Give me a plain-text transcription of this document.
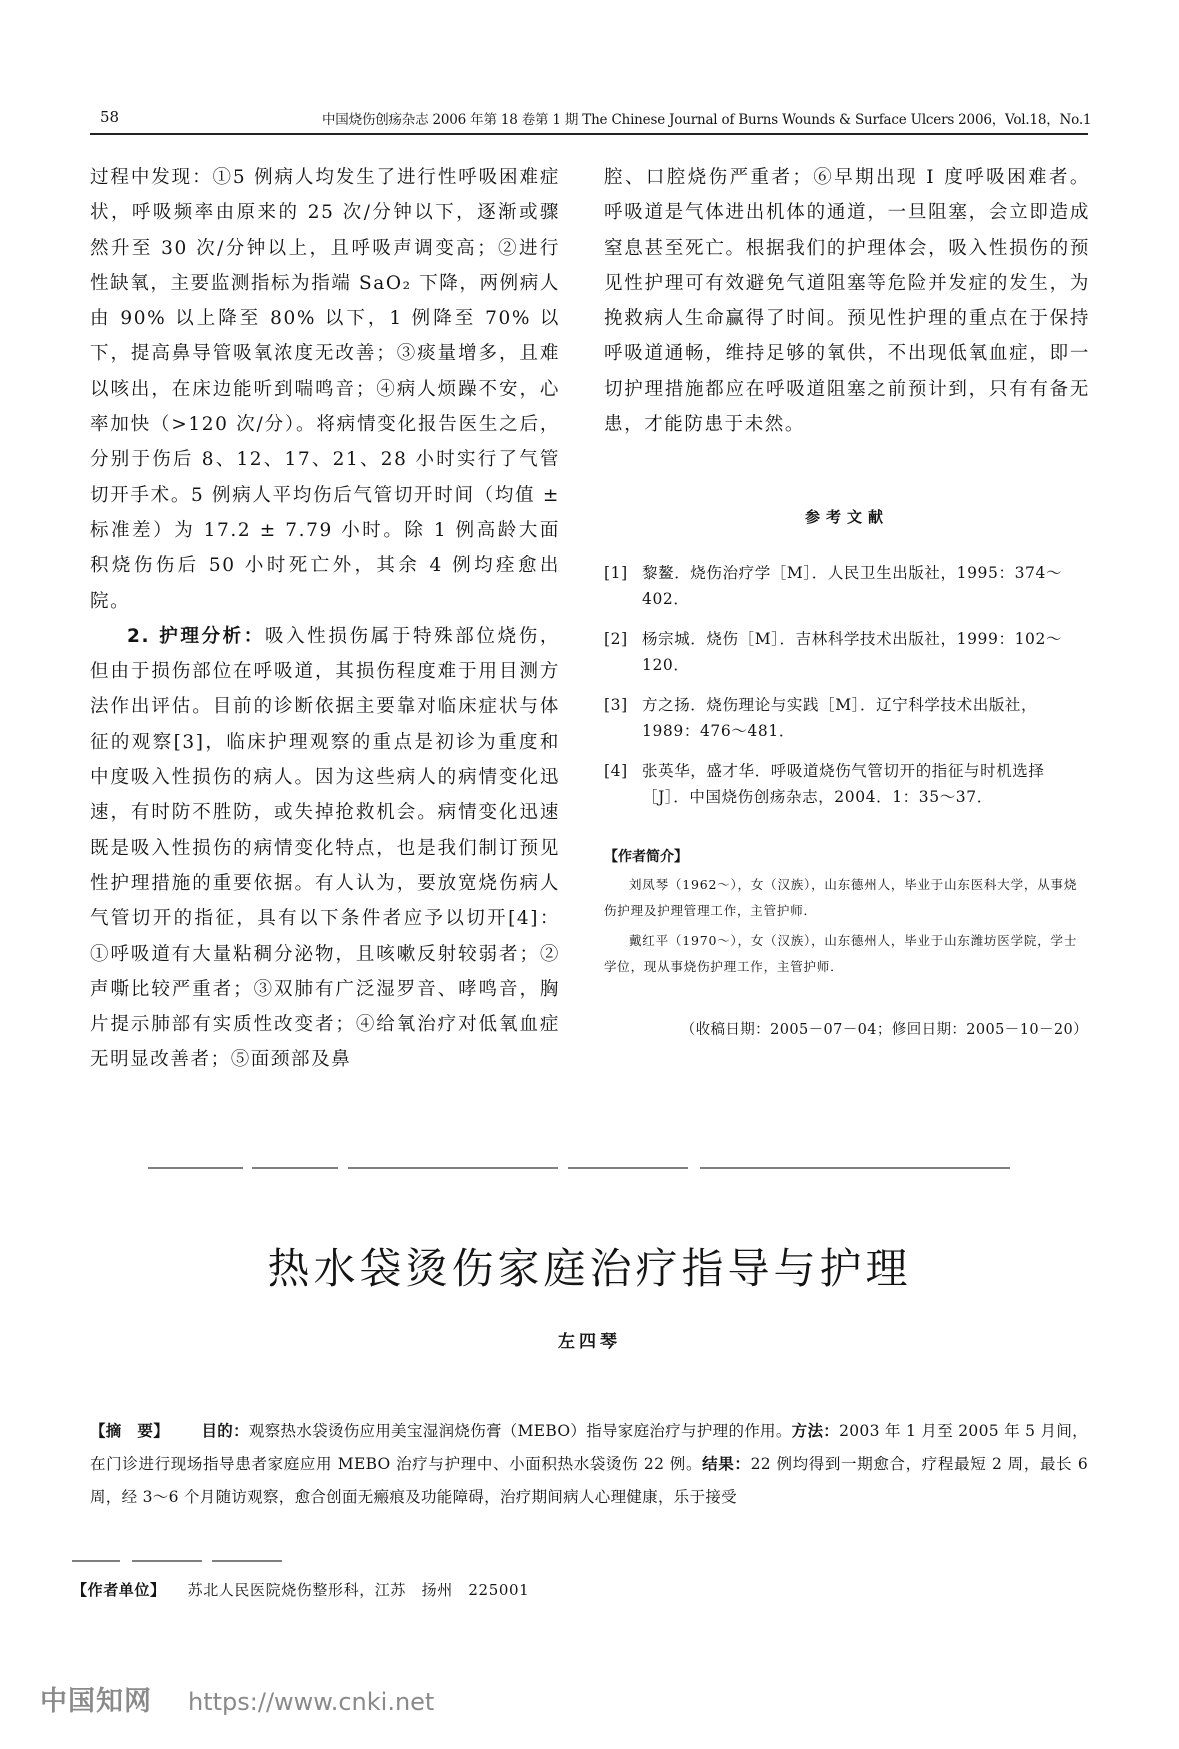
58	中国烧伤创疡杂志 2006 年第 18 卷第 1 期 The Chinese Journal of Burns Wounds & Surface Ulcers 2006，Vol.18，No.1

过程中发现：①5 例病人均发生了进行性呼吸困难症状，呼吸频率由原来的 25 次/分钟以下，逐渐或骤然升至 30 次/分钟以上，且呼吸声调变高；②进行性缺氧，主要监测指标为指端 SaO₂ 下降，两例病人由 90% 以上降至 80% 以下，1 例降至 70% 以下，提高鼻导管吸氧浓度无改善；③痰量增多，且难以咳出，在床边能听到喘鸣音；④病人烦躁不安，心率加快（>120 次/分）。将病情变化报告医生之后，分别于伤后 8、12、17、21、28 小时实行了气管切开手术。5 例病人平均伤后气管切开时间（均值 ± 标准差）为 17.2 ± 7.79 小时。除 1 例高龄大面积烧伤伤后 50 小时死亡外，其余 4 例均痊愈出院。

2. 护理分析：吸入性损伤属于特殊部位烧伤，但由于损伤部位在呼吸道，其损伤程度难于用目测方法作出评估。目前的诊断依据主要靠对临床症状与体征的观察[3]，临床护理观察的重点是初诊为重度和中度吸入性损伤的病人。因为这些病人的病情变化迅速，有时防不胜防，或失掉抢救机会。病情变化迅速既是吸入性损伤的病情变化特点，也是我们制订预见性护理措施的重要依据。有人认为，要放宽烧伤病人气管切开的指征，具有以下条件者应予以切开[4]：①呼吸道有大量粘稠分泌物，且咳嗽反射较弱者；②声嘶比较严重者；③双肺有广泛湿罗音、哮鸣音，胸片提示肺部有实质性改变者；④给氧治疗对低氧血症无明显改善者；⑤面颈部及鼻

腔、口腔烧伤严重者；⑥早期出现 Ⅰ 度呼吸困难者。呼吸道是气体进出机体的通道，一旦阻塞，会立即造成窒息甚至死亡。根据我们的护理体会，吸入性损伤的预见性护理可有效避免气道阻塞等危险并发症的发生，为挽救病人生命赢得了时间。预见性护理的重点在于保持呼吸道通畅，维持足够的氧供，不出现低氧血症，即一切护理措施都应在呼吸道阻塞之前预计到，只有有备无患，才能防患于未然。

参考文献
[1] 黎鳌．烧伤治疗学［M］．人民卫生出版社，1995：374～402．
[2] 杨宗城．烧伤［M］．吉林科学技术出版社，1999：102～120．
[3] 方之扬．烧伤理论与实践［M］．辽宁科学技术出版社，1989：476～481．
[4] 张英华，盛才华．呼吸道烧伤气管切开的指征与时机选择［J］．中国烧伤创疡杂志，2004．1：35～37．
【作者简介】

刘凤琴（1962～），女（汉族），山东德州人，毕业于山东医科大学，从事烧伤护理及护理管理工作，主管护师．

戴红平（1970～），女（汉族），山东德州人，毕业于山东潍坊医学院，学士学位，现从事烧伤护理工作，主管护师．

（收稿日期：2005－07－04；修回日期：2005－10－20）
热水袋烫伤家庭治疗指导与护理
左四琴
【摘　要】 目的：观察热水袋烫伤应用美宝湿润烧伤膏（MEBO）指导家庭治疗与护理的作用。方法：2003 年 1 月至 2005 年 5 月间，在门诊进行现场指导患者家庭应用 MEBO 治疗与护理中、小面积热水袋烫伤 22 例。结果：22 例均得到一期愈合，疗程最短 2 周，最长 6 周，经 3～6 个月随访观察，愈合创面无瘢痕及功能障碍，治疗期间病人心理健康，乐于接受
【作者单位】 苏北人民医院烧伤整形科，江苏　扬州　225001
中国知网 https://www.cnki.net
